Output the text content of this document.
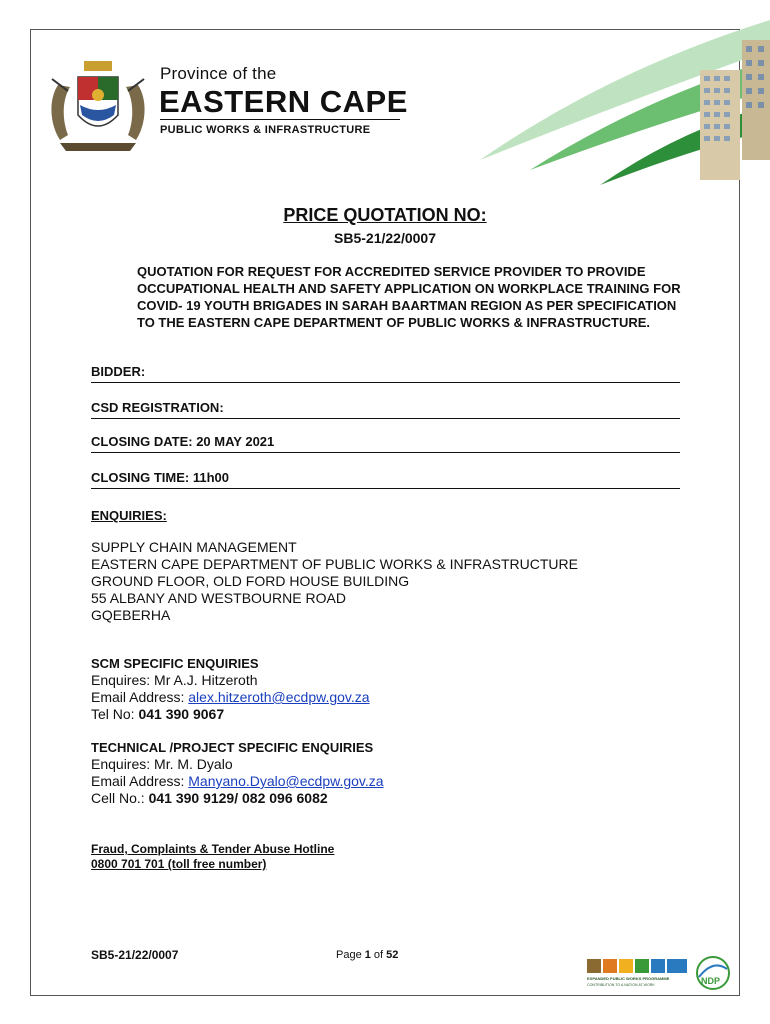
Province of the
EASTERN CAPE
PUBLIC WORKS & INFRASTRUCTURE
PRICE QUOTATION NO:
SB5-21/22/0007
QUOTATION FOR REQUEST FOR ACCREDITED SERVICE PROVIDER TO PROVIDE OCCUPATIONAL HEALTH AND SAFETY APPLICATION ON WORKPLACE TRAINING FOR COVID- 19 YOUTH BRIGADES IN SARAH BAARTMAN REGION AS PER SPECIFICATION TO THE EASTERN CAPE DEPARTMENT OF PUBLIC WORKS & INFRASTRUCTURE.
BIDDER:
CSD REGISTRATION:
CLOSING DATE: 20 MAY 2021
CLOSING TIME: 11h00
ENQUIRIES:
SUPPLY CHAIN MANAGEMENT
EASTERN CAPE DEPARTMENT OF PUBLIC WORKS & INFRASTRUCTURE
GROUND FLOOR, OLD FORD HOUSE BUILDING
55 ALBANY AND WESTBOURNE ROAD
GQEBERHA
SCM SPECIFIC ENQUIRIES
Enquires: Mr A.J. Hitzeroth
Email Address: alex.hitzeroth@ecdpw.gov.za
Tel No: 041 390 9067
TECHNICAL /PROJECT SPECIFIC ENQUIRIES
Enquires: Mr. M. Dyalo
Email Address: Manyano.Dyalo@ecdpw.gov.za
Cell No.: 041 390 9129/ 082 096 6082
Fraud, Complaints & Tender Abuse Hotline
0800 701 701 (toll free number)
SB5-21/22/0007	Page 1 of 52
EXPANDED PUBLIC WORKS PROGRAMME
CONTRIBUTION TO A NATION AT WORK	NDP
